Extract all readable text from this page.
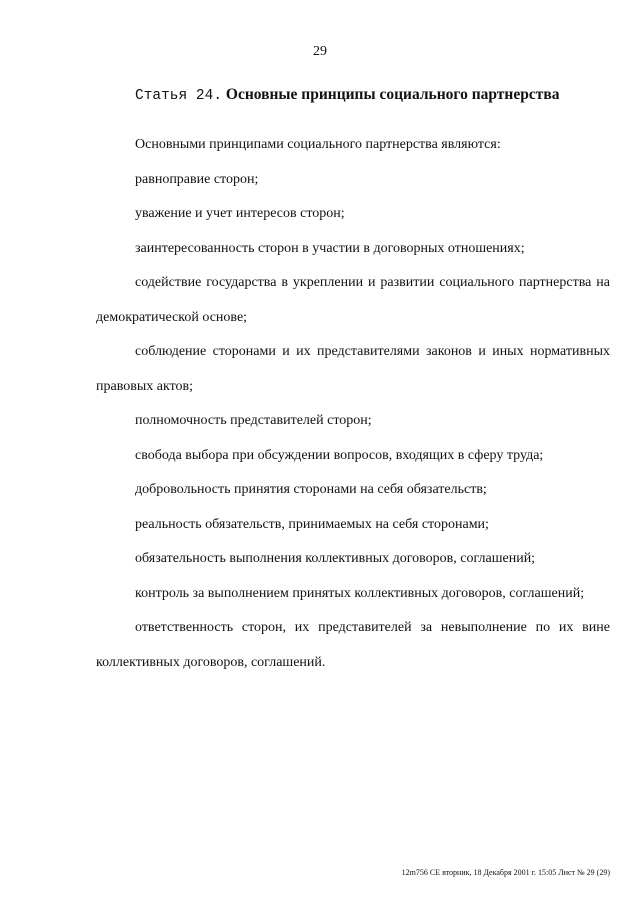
29
Статья 24. Основные принципы социального партнерства

Основными принципами социального партнерства являются:

равноправие сторон;

уважение и учет интересов сторон;

заинтересованность сторон в участии в договорных отношениях;

содействие государства в укреплении и развитии социального партнерства на демократической основе;

соблюдение сторонами и их представителями законов и иных нормативных правовых актов;

полномочность представителей сторон;

свобода выбора при обсуждении вопросов, входящих в сферу труда;

добровольность принятия сторонами на себя обязательств;

реальность обязательств, принимаемых на себя сторонами;

обязательность выполнения коллективных договоров, соглашений;

контроль за выполнением принятых коллективных договоров, соглашений;

ответственность сторон, их представителей за невыполнение по их вине коллективных договоров, соглашений.

12m756 CE вторник, 18 Декабря 2001 г. 15:05 Лист № 29 (29)
